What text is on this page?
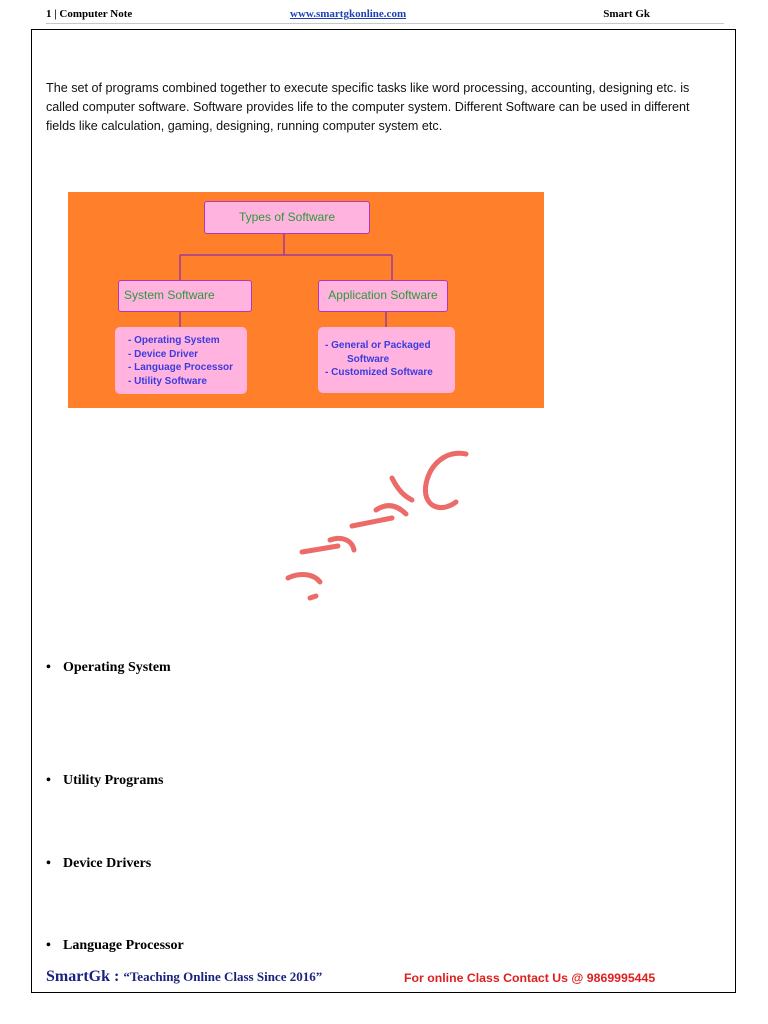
1 | Computer Note	www.smartgkonline.com	Smart Gk

The set of programs combined together to execute specific tasks like word processing, accounting, designing etc. is called computer software. Software provides life to the computer system. Different Software can be used in different fields like calculation, gaming, designing, running computer system etc.

Types of Software
System Software	Application Software
- Operating System
- Device Driver
- Language Processor
- Utility Software
- General or Packaged
Software
- Customized Software
• Operating System
• Utility Programs
• Device Drivers
• Language Processor
SmartGk : “Teaching Online Class Since 2016”	For online Class Contact Us @ 9869995445
